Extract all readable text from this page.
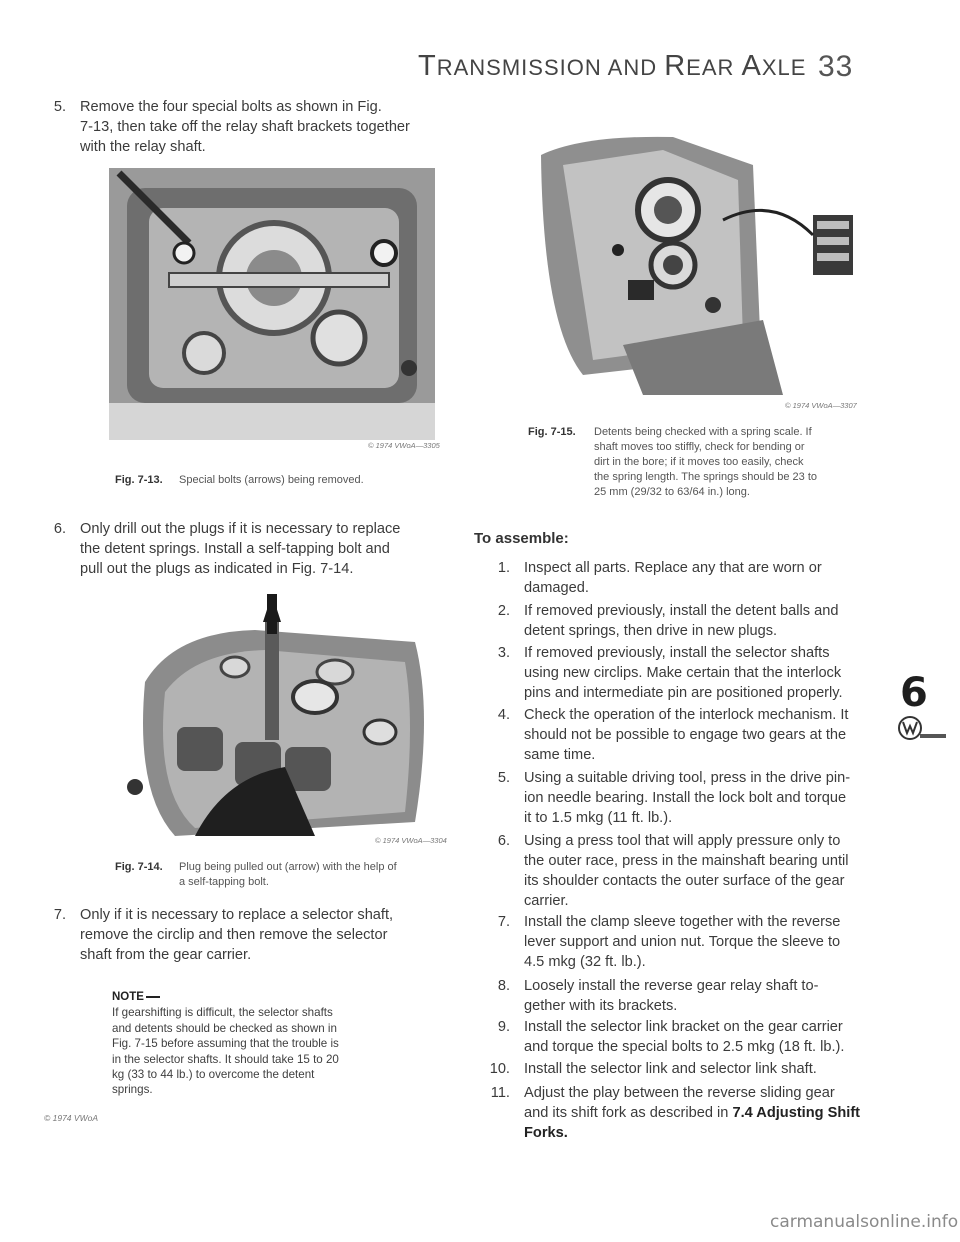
TRANSMISSION AND REAR AXLE 33
5. Remove the four special bolts as shown in Fig.
7-13, then take off the relay shaft brackets together
with the relay shaft.
© 1974 VWoA—3305
Fig. 7-13. Special bolts (arrows) being removed.
6. Only drill out the plugs if it is necessary to replace
the detent springs. Install a self-tapping bolt and
pull out the plugs as indicated in Fig. 7-14.
© 1974 VWoA—3304
Fig. 7-14. Plug being pulled out (arrow) with the help of
a self-tapping bolt.
7. Only if it is necessary to replace a selector shaft,
remove the circlip and then remove the selector
shaft from the gear carrier.
NOTE
If gearshifting is difficult, the selector shafts
and detents should be checked as shown in
Fig. 7-15 before assuming that the trouble is
in the selector shafts. It should take 15 to 20
kg (33 to 44 lb.) to overcome the detent
springs.
© 1974 VWoA
© 1974 VWoA—3307
Fig. 7-15. Detents being checked with a spring scale. If
shaft moves too stiffly, check for bending or
dirt in the bore; if it moves too easily, check
the spring length. The springs should be 23 to
25 mm (29/32 to 63/64 in.) long.
To assemble:
1. Inspect all parts. Replace any that are worn or
damaged.
2. If removed previously, install the detent balls and
detent springs, then drive in new plugs.
3. If removed previously, install the selector shafts
using new circlips. Make certain that the interlock
pins and intermediate pin are positioned properly.
4. Check the operation of the interlock mechanism. It
should not be possible to engage two gears at the
same time.
5. Using a suitable driving tool, press in the drive pin-
ion needle bearing. Install the lock bolt and torque
it to 1.5 mkg (11 ft. lb.).
6. Using a press tool that will apply pressure only to
the outer race, press in the mainshaft bearing until
its shoulder contacts the outer surface of the gear
carrier.
7. Install the clamp sleeve together with the reverse
lever support and union nut. Torque the sleeve to
4.5 mkg (32 ft. lb.).
8. Loosely install the reverse gear relay shaft to-
gether with its brackets.
9. Install the selector link bracket on the gear carrier
and torque the special bolts to 2.5 mkg (18 ft. lb.).
10. Install the selector link and selector link shaft.
11. Adjust the play between the reverse sliding gear
and its shift fork as described in 7.4 Adjusting Shift
Forks.
6
carmanualsonline.info
